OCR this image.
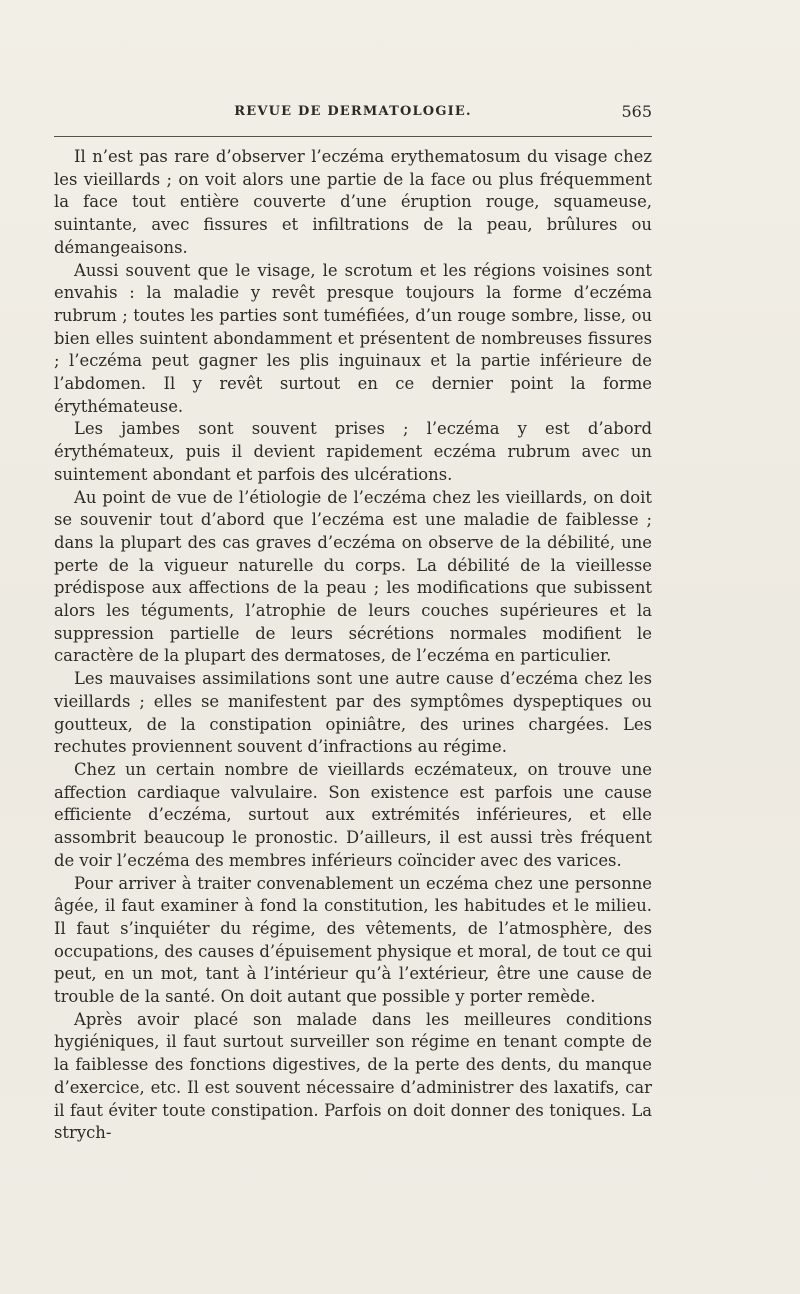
REVUE DE DERMATOLOGIE.	565

Il n’est pas rare d’observer l’eczéma erythematosum du visage chez les vieillards ; on voit alors une partie de la face ou plus fréquemment la face tout entière couverte d’une éruption rouge, squameuse, suintante, avec fissures et infiltrations de la peau, brûlures ou démangeaisons.

Aussi souvent que le visage, le scrotum et les régions voisines sont envahis : la maladie y revêt presque toujours la forme d’eczéma rubrum ; toutes les parties sont tuméfiées, d’un rouge sombre, lisse, ou bien elles suintent abondamment et présentent de nombreuses fissures ; l’eczéma peut gagner les plis inguinaux et la partie inférieure de l’abdomen. Il y revêt surtout en ce dernier point la forme érythémateuse.

Les jambes sont souvent prises ; l’eczéma y est d’abord érythémateux, puis il devient rapidement eczéma rubrum avec un suintement abondant et parfois des ulcérations.

Au point de vue de l’étiologie de l’eczéma chez les vieillards, on doit se souvenir tout d’abord que l’eczéma est une maladie de faiblesse ; dans la plupart des cas graves d’eczéma on observe de la débilité, une perte de la vigueur naturelle du corps. La débilité de la vieillesse prédispose aux affections de la peau ; les modifications que subissent alors les téguments, l’atrophie de leurs couches supérieures et la suppression partielle de leurs sécrétions normales modifient le caractère de la plupart des dermatoses, de l’eczéma en particulier.

Les mauvaises assimilations sont une autre cause d’eczéma chez les vieillards ; elles se manifestent par des symptômes dyspeptiques ou goutteux, de la constipation opiniâtre, des urines chargées. Les rechutes proviennent souvent d’infractions au régime.

Chez un certain nombre de vieillards eczémateux, on trouve une affection cardiaque valvulaire. Son existence est parfois une cause efficiente d’eczéma, surtout aux extrémités inférieures, et elle assombrit beaucoup le pronostic. D’ailleurs, il est aussi très fréquent de voir l’eczéma des membres inférieurs coïncider avec des varices.

Pour arriver à traiter convenablement un eczéma chez une personne âgée, il faut examiner à fond la constitution, les habitudes et le milieu. Il faut s’inquiéter du régime, des vêtements, de l’atmosphère, des occupations, des causes d’épuisement physique et moral, de tout ce qui peut, en un mot, tant à l’intérieur qu’à l’extérieur, être une cause de trouble de la santé. On doit autant que possible y porter remède.

Après avoir placé son malade dans les meilleures conditions hygiéniques, il faut surtout surveiller son régime en tenant compte de la faiblesse des fonctions digestives, de la perte des dents, du manque d’exercice, etc. Il est souvent nécessaire d’administrer des laxatifs, car il faut éviter toute constipation. Parfois on doit donner des toniques. La strych-
